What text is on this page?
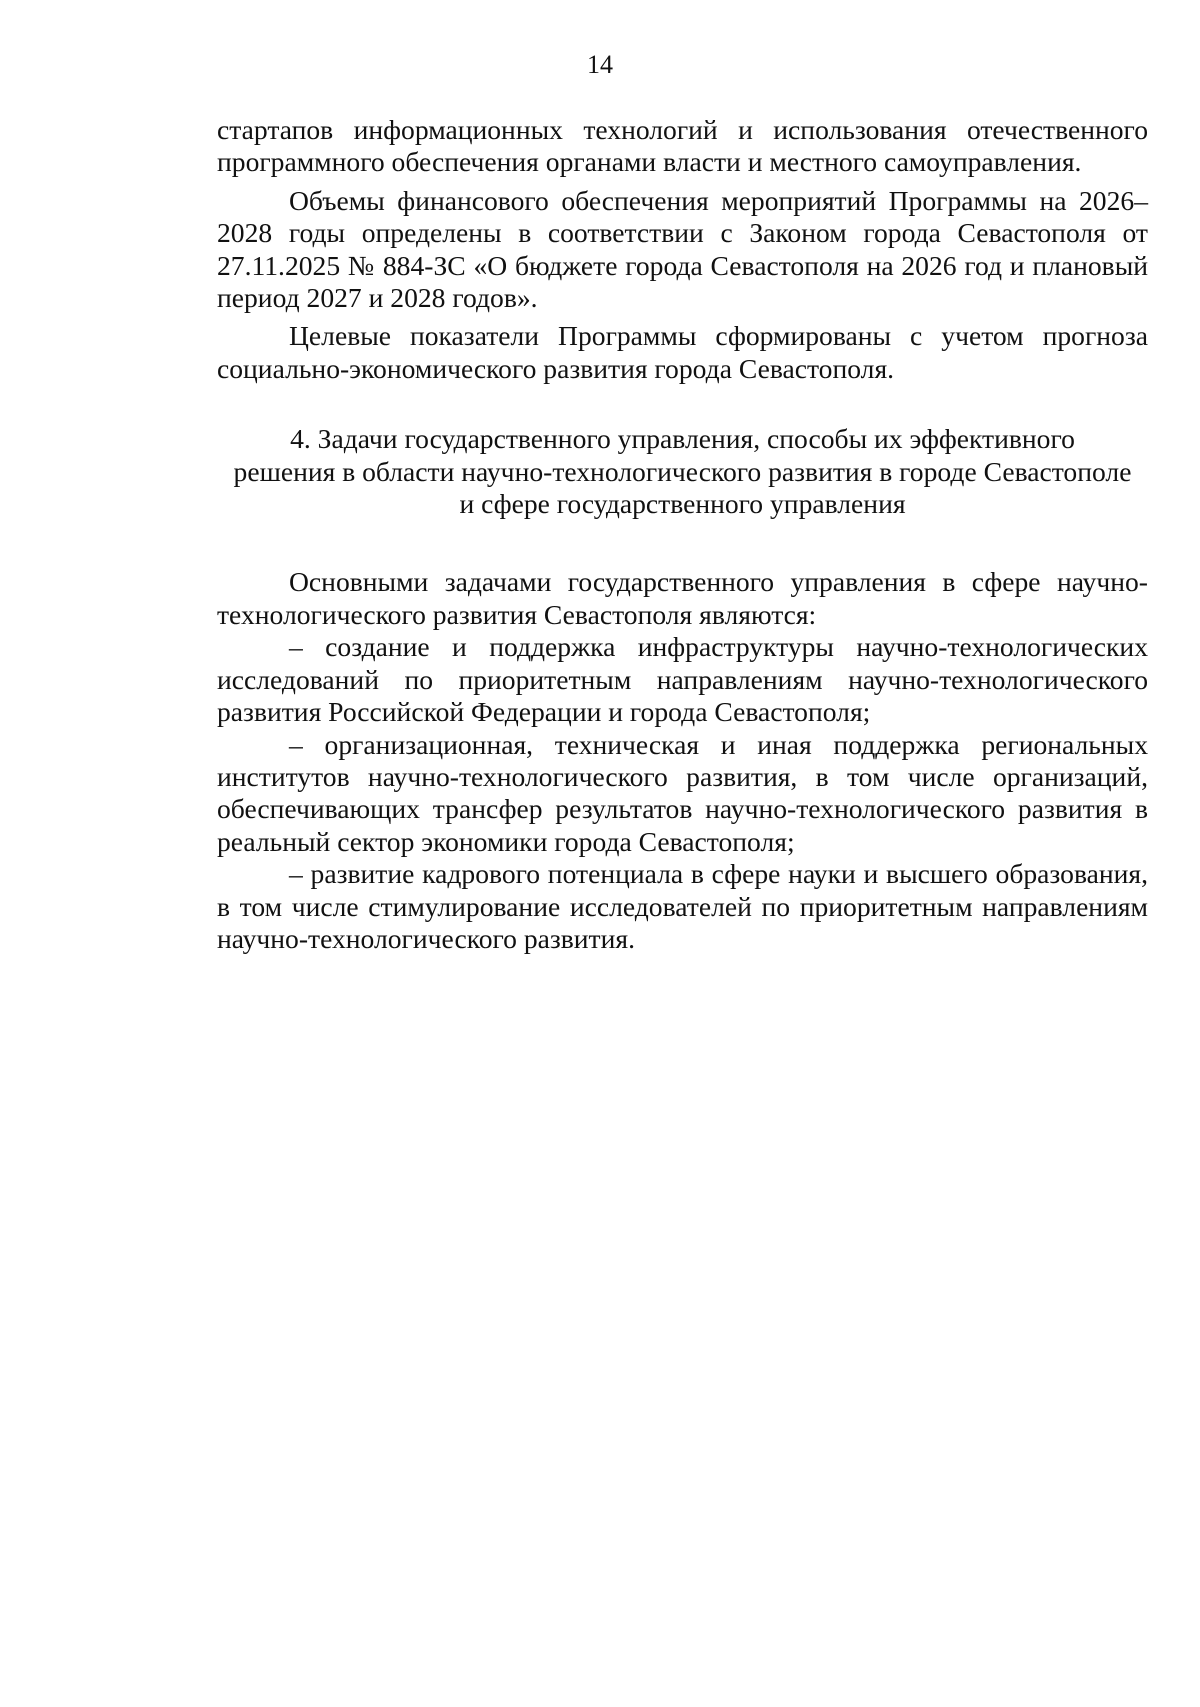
14

стартапов информационных технологий и использования отечественного программного обеспечения органами власти и местного самоуправления.

Объемы финансового обеспечения мероприятий Программы на 2026–2028 годы определены в соответствии с Законом города Севастополя от 27.11.2025 № 884-ЗС «О бюджете города Севастополя на 2026 год и плановый период 2027 и 2028 годов».

Целевые показатели Программы сформированы с учетом прогноза социально-экономического развития города Севастополя.

4. Задачи государственного управления, способы их эффективного
решения в области научно-технологического развития в городе Севастополе
и сфере государственного управления

Основными задачами государственного управления в сфере научно-технологического развития Севастополя являются:

– создание и поддержка инфраструктуры научно-технологических исследований по приоритетным направлениям научно-технологического развития Российской Федерации и города Севастополя;

– организационная, техническая и иная поддержка региональных институтов научно-технологического развития, в том числе организаций, обеспечивающих трансфер результатов научно-технологического развития в реальный сектор экономики города Севастополя;

– развитие кадрового потенциала в сфере науки и высшего образования, в том числе стимулирование исследователей по приоритетным направлениям научно-технологического развития.
